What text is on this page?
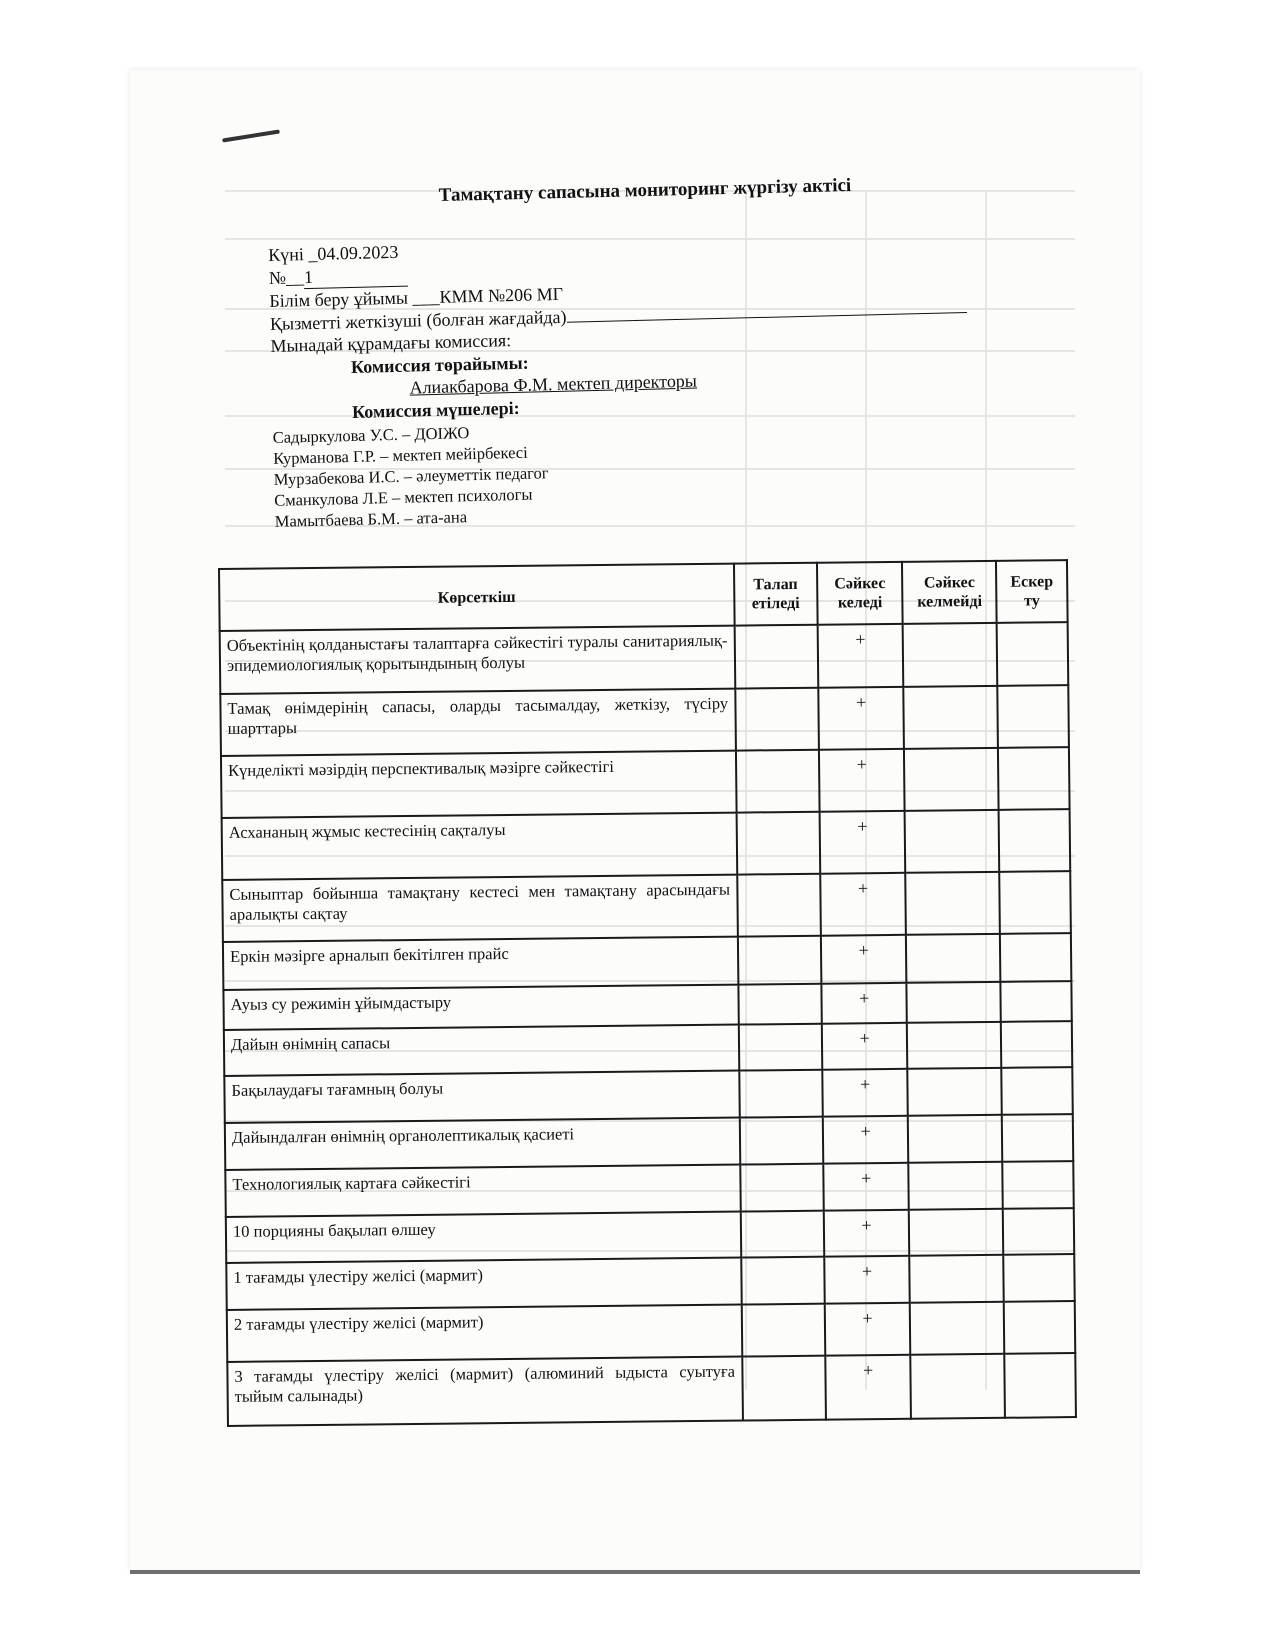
Тамақтану сапасына мониторинг жүргізу актісі
Күні _04.09.2023
№__1
Білім беру ұйымы ___КММ №206 МГ
Қызметті жеткізуші (болған жағдайда)
Мынадай құрамдағы комиссия:
Комиссия төрайымы:
Алиакбарова Ф.М. мектеп директоры
Комиссия мүшелері:
Садыркулова У.С. – ДОІЖО
Курманова Г.Р. – мектеп мейірбекесі
Мурзабекова И.С. – әлеуметтік педагог
Сманкулова Л.Е – мектеп психологы
Мамытбаева Б.М. – ата-ана
Көрсеткіш	Талап етіледі	Сәйкес келеді	Сәйкес келмейді	Ескер ту
Объектінің қолданыстағы талаптарға сәйкестігі туралы санитариялық-эпидемиологиялық қорытындының болуы		+		
Тамақ өнімдерінің сапасы, оларды тасымалдау, жеткізу, түсіру шарттары		+		
Күнделікті мәзірдің перспективалық мәзірге сәйкестігі		+		
Асхананың жұмыс кестесінің сақталуы		+		
Сыныптар бойынша тамақтану кестесі мен тамақтану арасындағы аралықты сақтау		+		
Еркін мәзірге арналып бекітілген прайс		+		
Ауыз су режимін ұйымдастыру		+		
Дайын өнімнің сапасы		+		
Бақылаудағы тағамның болуы		+		
Дайындалған өнімнің органолептикалық қасиеті		+		
Технологиялық картаға сәйкестігі		+		
10 порцияны бақылап өлшеу		+		
1 тағамды үлестіру желісі (мармит)		+		
2 тағамды үлестіру желісі (мармит)		+		
3 тағамды үлестіру желісі (мармит) (алюминий ыдыста суытуға тыйым салынады)		+		
